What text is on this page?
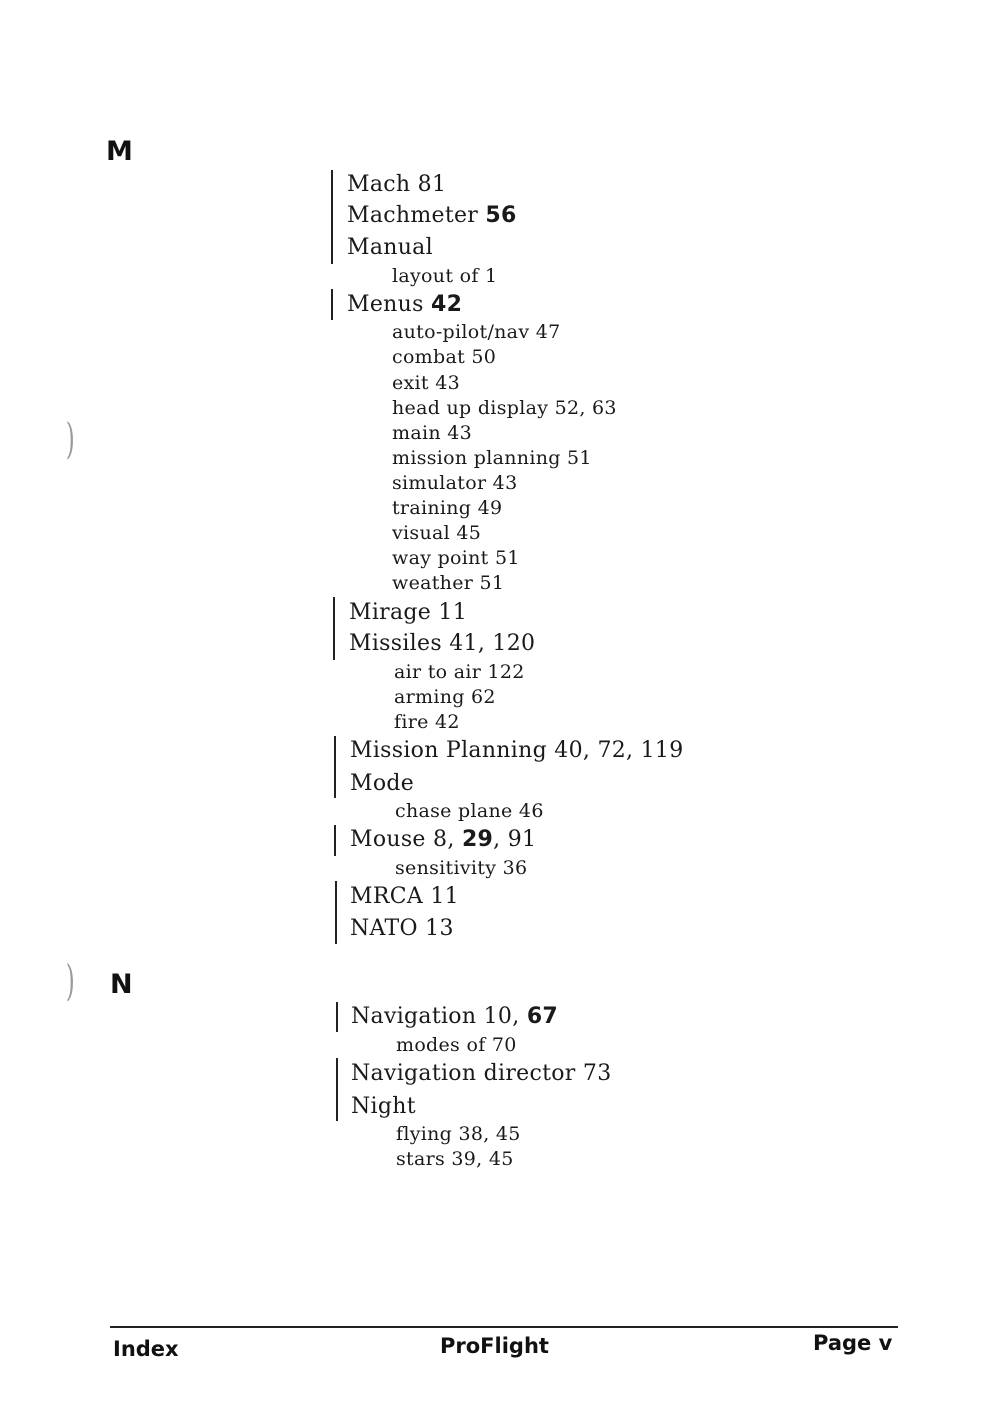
M
N
)
)
Mach 81
Machmeter 56
Manual
layout of 1
Menus 42
auto-pilot/nav 47
combat 50
exit 43
head up display 52, 63
main 43
mission planning 51
simulator 43
training 49
visual 45
way point 51
weather 51
Mirage 11
Missiles 41, 120
air to air 122
arming 62
fire 42
Mission Planning 40, 72, 119
Mode
chase plane 46
Mouse 8, 29, 91
sensitivity 36
MRCA 11
NATO 13
Navigation 10, 67
modes of 70
Navigation director 73
Night
flying 38, 45
stars 39, 45
Index	ProFlight	Page v
